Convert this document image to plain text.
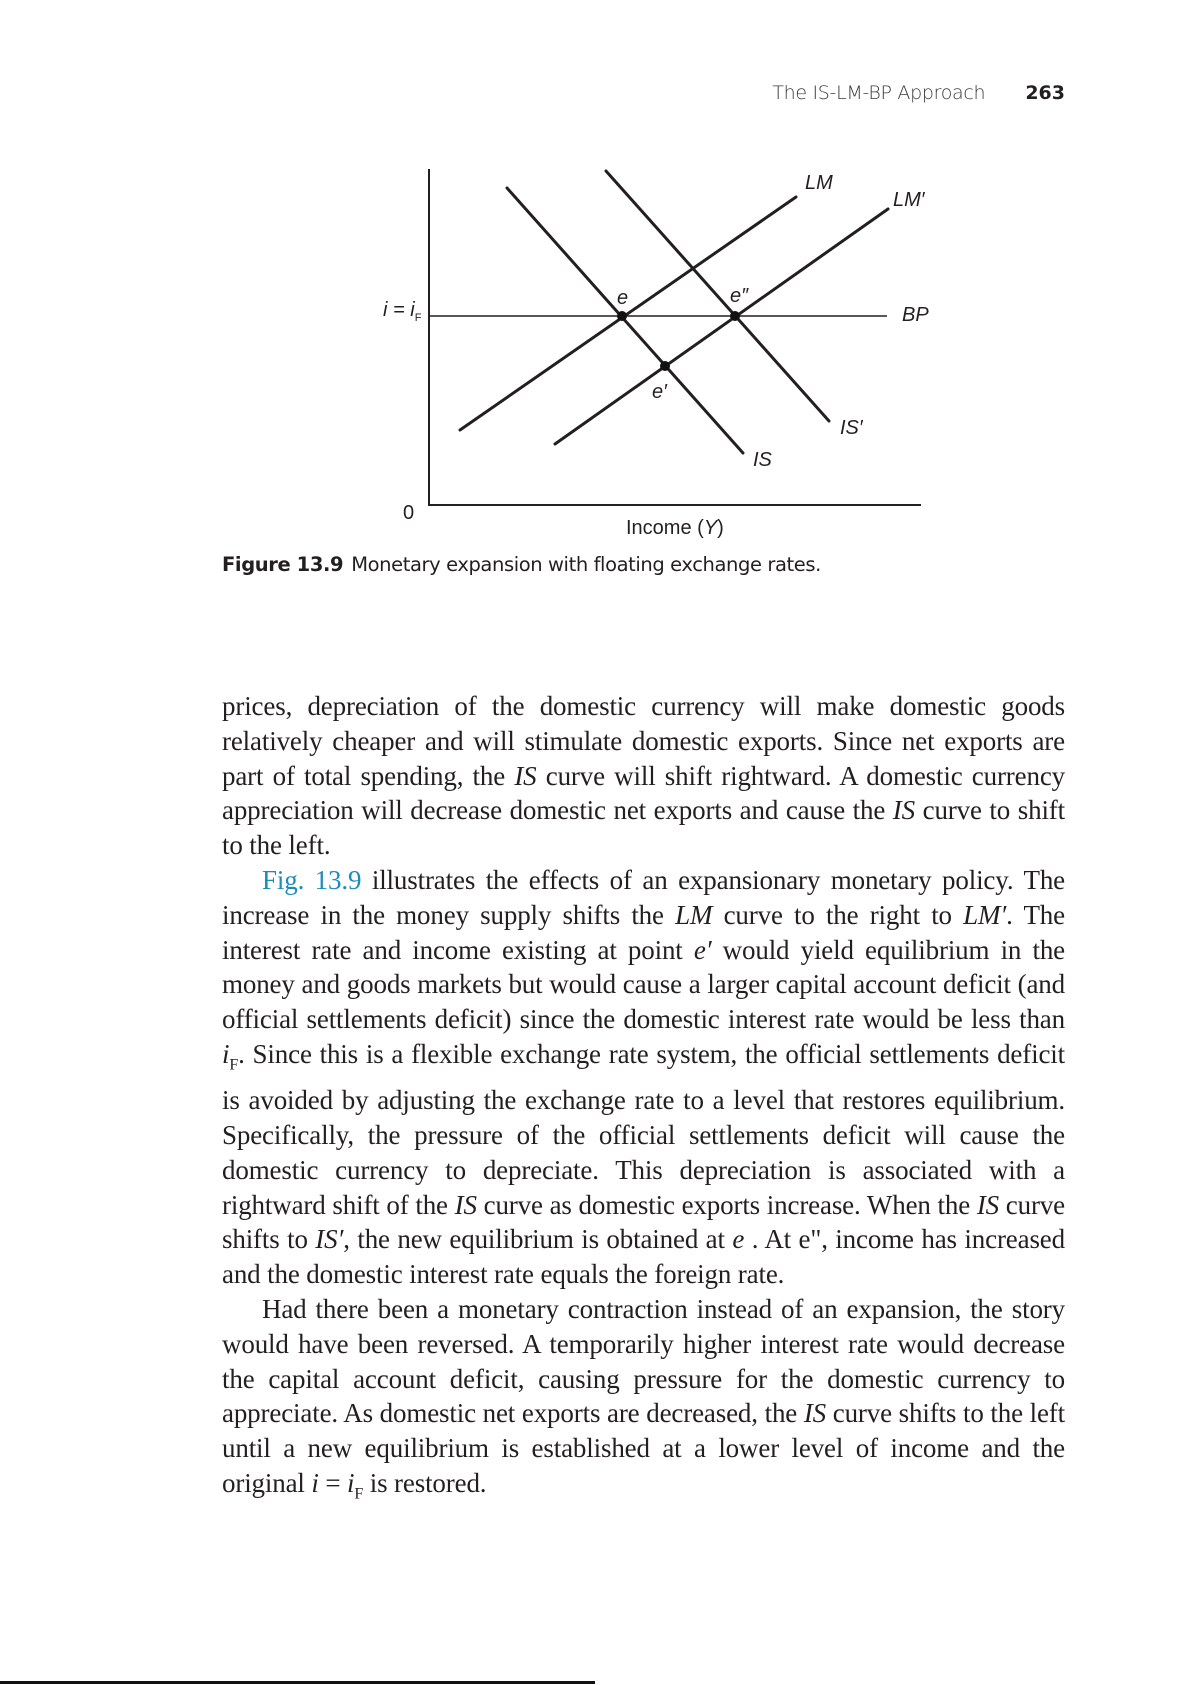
The IS-LM-BP Approach 263
$i = i_F$
0
Income (Y)
LM
LM′
BP
IS
IS′
e	e″
e′
Figure 13.9 Monetary expansion with floating exchange rates.

prices, depreciation of the domestic currency will make domestic goods relatively cheaper and will stimulate domestic exports. Since net exports are part of total spending, the IS curve will shift rightward. A domestic currency appreciation will decrease domestic net exports and cause the IS curve to shift to the left.

Fig. 13.9 illustrates the effects of an expansionary monetary policy. The increase in the money supply shifts the LM curve to the right to LM′. The interest rate and income existing at point e′ would yield equilibrium in the money and goods markets but would cause a larger capital account deficit (and official settlements deficit) since the domestic interest rate would be less than $i_F$. Since this is a flexible exchange rate system, the official settlements deficit is avoided by adjusting the exchange rate to a level that restores equilibrium. Specifically, the pressure of the official settlements deficit will cause the domestic currency to depreciate. This depreciation is associated with a rightward shift of the IS curve as domestic exports increase. When the IS curve shifts to IS′, the new equilibrium is obtained at e . At e", income has increased and the domestic interest rate equals the foreign rate.

Had there been a monetary contraction instead of an expansion, the story would have been reversed. A temporarily higher interest rate would decrease the capital account deficit, causing pressure for the domestic currency to appreciate. As domestic net exports are decreased, the IS curve shifts to the left until a new equilibrium is established at a lower level of income and the original $i = i_F$ is restored.
